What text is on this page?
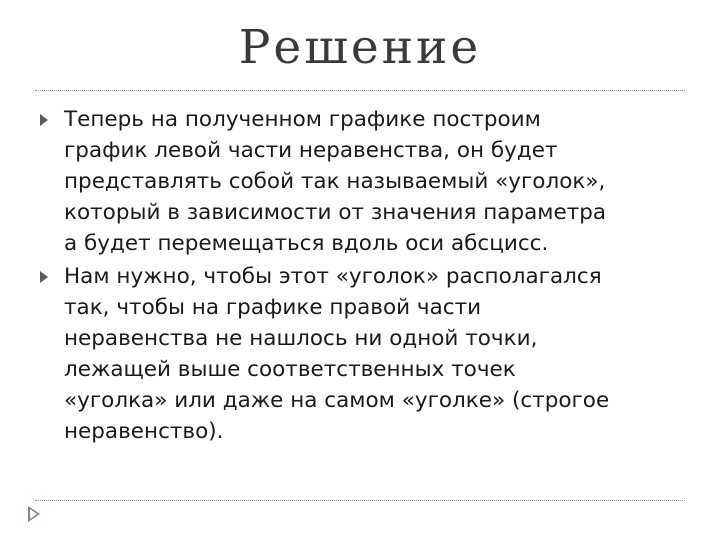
Решение
Теперь на полученном графике построим
график левой части неравенства, он будет
представлять собой так называемый «уголок»,
который в зависимости от значения параметра
а будет перемещаться вдоль оси абсцисс.
Нам нужно, чтобы этот «уголок» располагался
так, чтобы на графике правой части
неравенства не нашлось ни одной точки,
лежащей выше соответственных точек
«уголка» или даже на самом «уголке» (строгое
неравенство).
